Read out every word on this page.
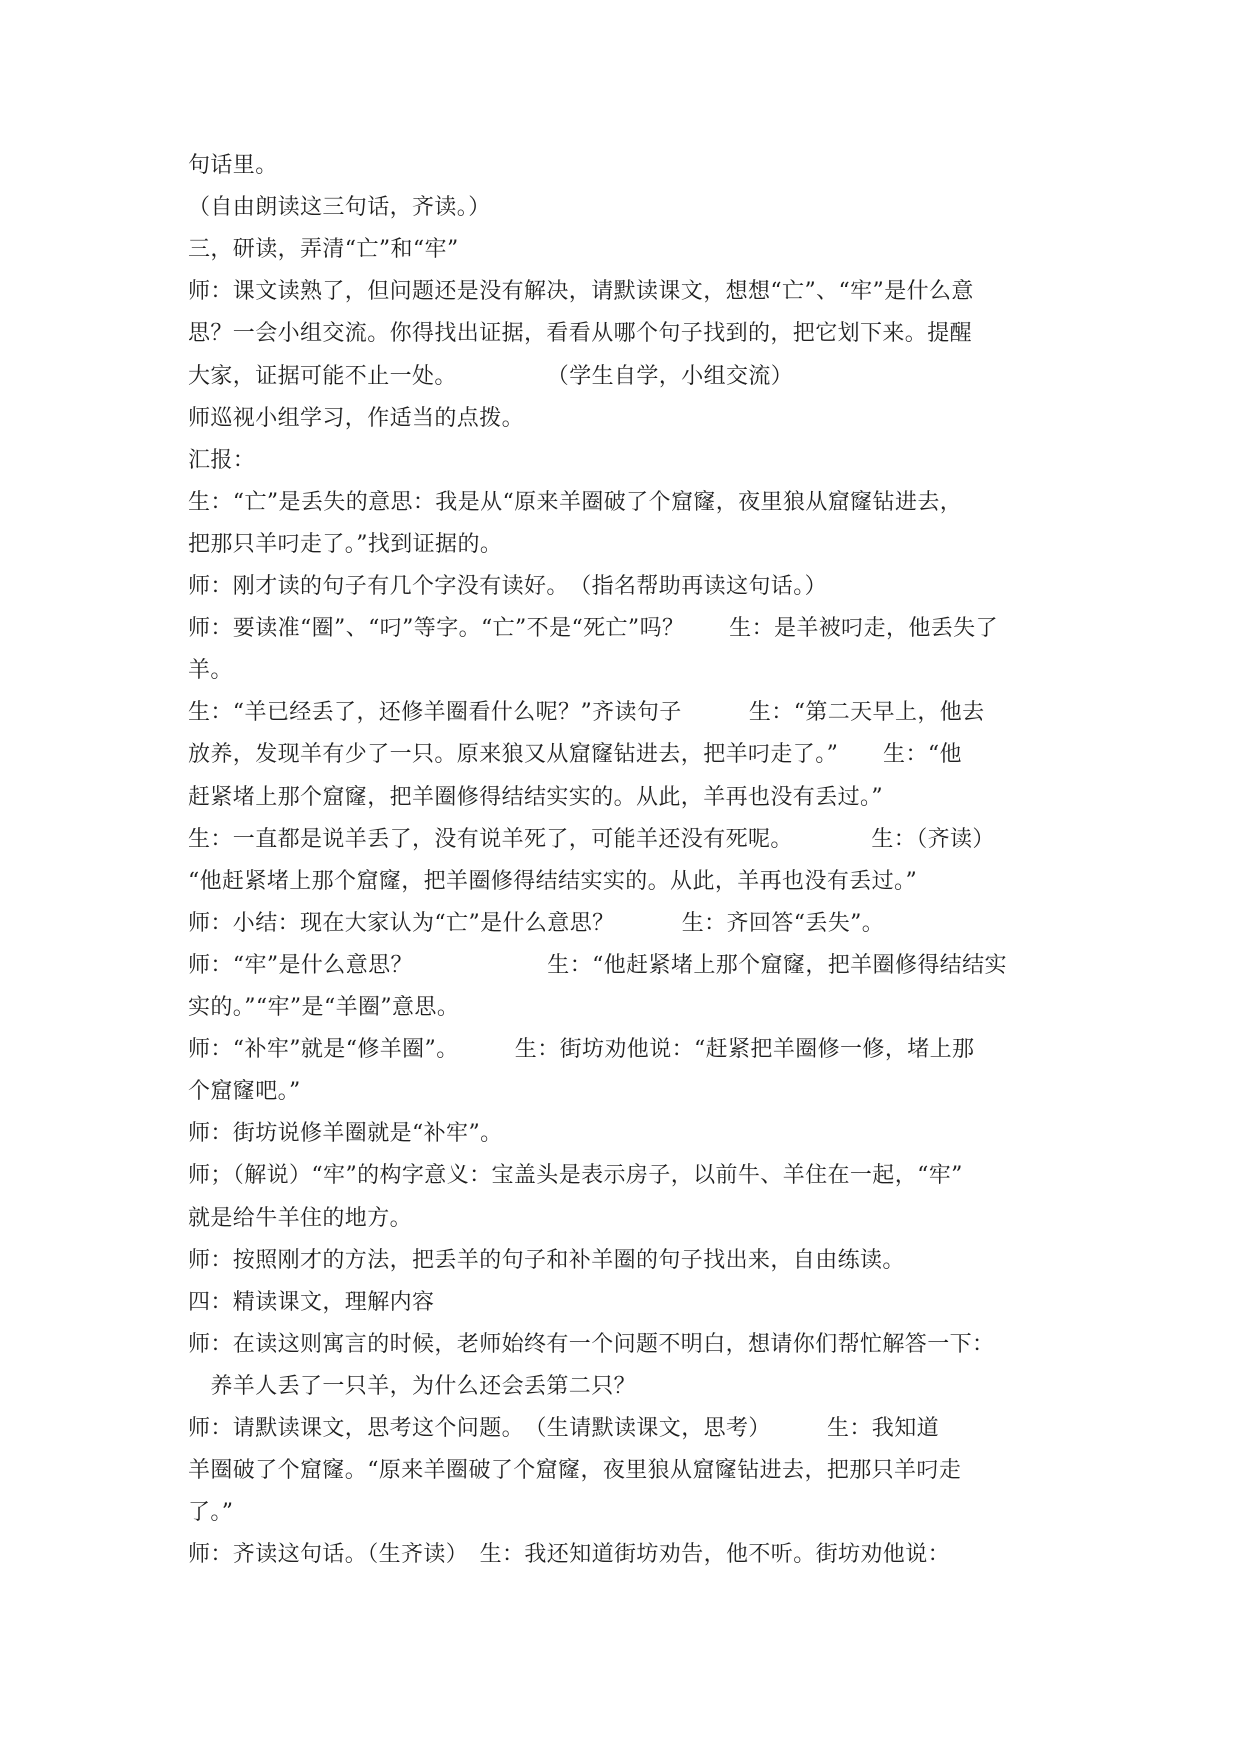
句话里。
（自由朗读这三句话，齐读。）
三，研读，弄清“亡”和“牢”
师：课文读熟了，但问题还是没有解决，请默读课文，想想“亡”、“牢”是什么意
思？一会小组交流。你得找出证据，看看从哪个句子找到的，把它划下来。提醒
大家，证据可能不止一处。　　　　　（学生自学，小组交流）
师巡视小组学习，作适当的点拨。
汇报：
生：“亡”是丢失的意思：我是从“原来羊圈破了个窟窿，夜里狼从窟窿钻进去，
把那只羊叼走了。”找到证据的。
师：刚才读的句子有几个字没有读好。　（指名帮助再读这句话。）
师：要读准“圈”、“叼”等字。“亡”不是“死亡”吗？　　生：是羊被叼走，他丢失了
羊。
生：“羊已经丢了，还修羊圈看什么呢？”齐读句子　　　生：“第二天早上，他去
放养，发现羊有少了一只。原来狼又从窟窿钻进去，把羊叼走了。”　　生：“他
赶紧堵上那个窟窿，把羊圈修得结结实实的。从此，羊再也没有丢过。”
生：一直都是说羊丢了，没有说羊死了，可能羊还没有死呢。　　　　生：（齐读）
“他赶紧堵上那个窟窿，把羊圈修得结结实实的。从此，羊再也没有丢过。”
师：小结：现在大家认为“亡”是什么意思？　　　生：齐回答“丢失”。
师：“牢”是什么意思？　　　　　　生：“他赶紧堵上那个窟窿，把羊圈修得结结实
实的。”“牢”是“羊圈”意思。
师：“补牢”就是“修羊圈”。　　　生：街坊劝他说：“赶紧把羊圈修一修，堵上那
个窟窿吧。”
师：街坊说修羊圈就是“补牢”。
师；（解说）“牢”的构字意义：宝盖头是表示房子，以前牛、羊住在一起，“牢”
就是给牛羊住的地方。
师：按照刚才的方法，把丢羊的句子和补羊圈的句子找出来，自由练读。
四：精读课文，理解内容
师：在读这则寓言的时候，老师始终有一个问题不明白，想请你们帮忙解答一下：
　养羊人丢了一只羊，为什么还会丢第二只？
师：请默读课文，思考这个问题。　（生请默读课文，思考）　　　生：我知道
羊圈破了个窟窿。“原来羊圈破了个窟窿，夜里狼从窟窿钻进去，把那只羊叼走
了。”
师：齐读这句话。（生齐读）　生：我还知道街坊劝告，他不听。街坊劝他说：
